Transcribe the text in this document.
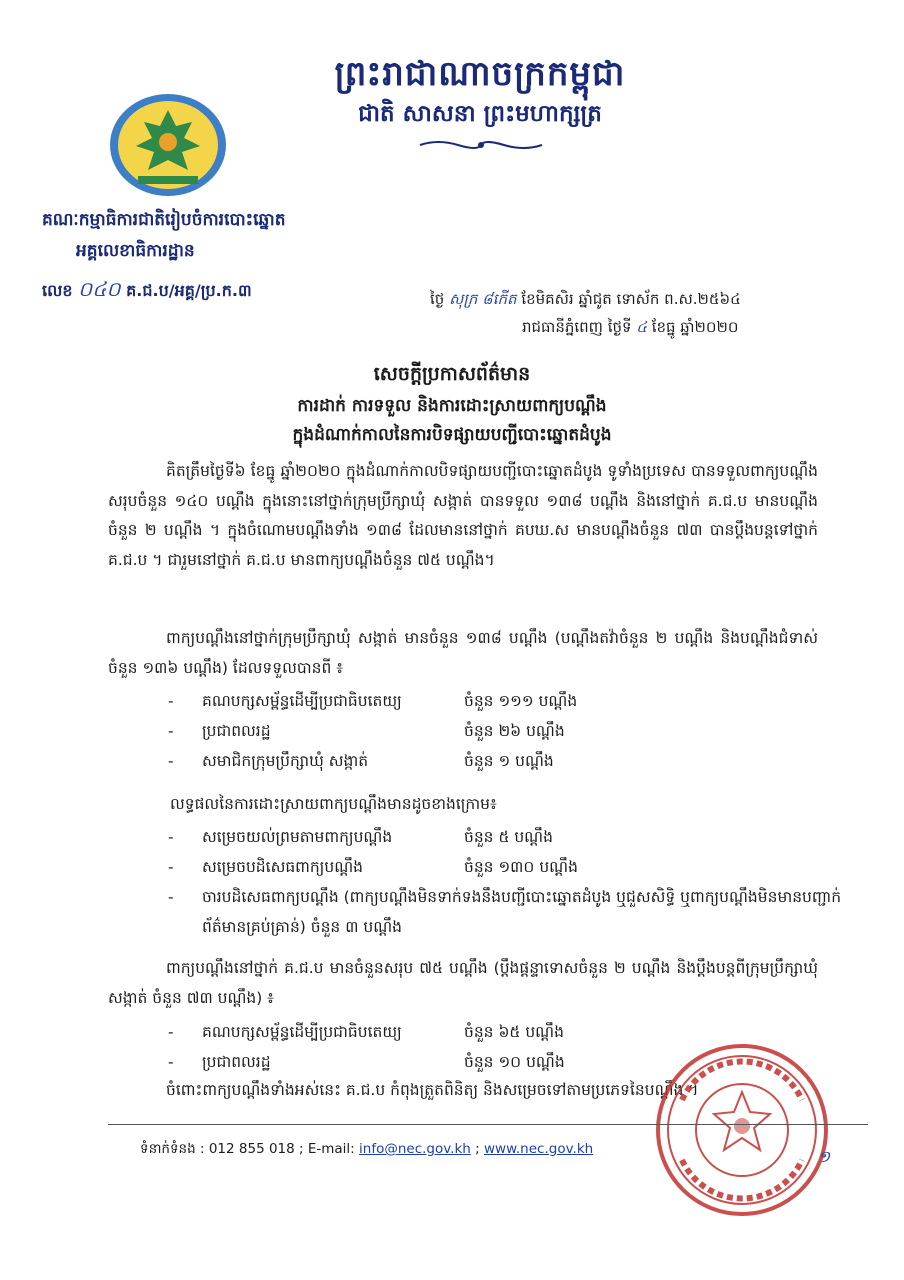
ព្រះរាជាណាចក្រកម្ពុជា
ជាតិ សាសនា ព្រះមហាក្សត្រ
គណៈកម្មាធិការជាតិរៀបចំការបោះឆ្នោត
អគ្គលេខាធិការដ្ឋាន
លេខ ០៤០ គ.ជ.ប/អគ្គ/ប្រ.ក.៣	ថ្ងៃ សុក្រ ៨កើត ខែមិគសិរ ឆ្នាំជូត ទោស័ក ព.ស.២៥៦៤
រាជធានីភ្នំពេញ ថ្ងៃទី ៤ ខែធ្នូ ឆ្នាំ២០២០
សេចក្តីប្រកាសព័ត៌មាន
ការដាក់ ការទទួល និងការដោះស្រាយពាក្យបណ្តឹង
ក្នុងដំណាក់កាលនៃការបិទផ្សាយបញ្ជីបោះឆ្នោតដំបូង
គិតត្រឹមថ្ងៃទី៦ ខែធ្នូ ឆ្នាំ២០២០ ក្នុងដំណាក់កាលបិទផ្សាយបញ្ជីបោះឆ្នោតដំបូង ទូទាំងប្រទេស បានទទួលពាក្យបណ្តឹងសរុបចំនួន ១៤០ បណ្តឹង ក្នុងនោះនៅថ្នាក់ក្រុមប្រឹក្សាឃុំ សង្កាត់ បានទទួល ១៣៨ បណ្តឹង និងនៅថ្នាក់ គ.ជ.ប មានបណ្តឹងចំនួន ២ បណ្តឹង ។ ក្នុងចំណោមបណ្តឹងទាំង ១៣៨ ដែលមាននៅថ្នាក់ គបឃ.ស មានបណ្តឹងចំនួន ៧៣ បានប្តឹងបន្តទៅថ្នាក់ គ.ជ.ប ។ ជារួមនៅថ្នាក់ គ.ជ.ប មានពាក្យបណ្តឹងចំនួន ៧៥ បណ្តឹង។
ពាក្យបណ្តឹងនៅថ្នាក់ក្រុមប្រឹក្សាឃុំ សង្កាត់ មានចំនួន ១៣៨ បណ្តឹង (បណ្តឹងតវ៉ាចំនួន ២ បណ្តឹង និងបណ្តឹងជំទាស់ចំនួន ១៣៦ បណ្តឹង) ដែលទទួលបានពី ៖
-	គណបក្សសម្ព័ន្ធដើម្បីប្រជាធិបតេយ្យ	ចំនួន ១១១ បណ្តឹង
-	ប្រជាពលរដ្ឋ	ចំនួន ២៦ បណ្តឹង
-	សមាជិកក្រុមប្រឹក្សាឃុំ សង្កាត់	ចំនួន ១ បណ្តឹង
លទ្ធផលនៃការដោះស្រាយពាក្យបណ្តឹងមានដូចខាងក្រោម៖
-	សម្រេចយល់ព្រមតាមពាក្យបណ្តឹង	ចំនួន ៥ បណ្តឹង
-	សម្រេចបដិសេធពាក្យបណ្តឹង	ចំនួន ១៣០ បណ្តឹង
-	ចារបដិសេធពាក្យបណ្តឹង (ពាក្យបណ្តឹងមិនទាក់ទងនឹងបញ្ជីបោះឆ្នោតដំបូង ឬជួសសិទ្ធិ ឬពាក្យបណ្តឹងមិនមានបញ្ជាក់ព័ត៌មានគ្រប់គ្រាន់) ចំនួន ៣ បណ្តឹង
ពាក្យបណ្តឹងនៅថ្នាក់ គ.ជ.ប មានចំនួនសរុប ៧៥ បណ្តឹង (ប្តឹងផ្តន្ទាទោសចំនួន ២ បណ្តឹង និងប្តឹងបន្តពីក្រុមប្រឹក្សាឃុំ សង្កាត់ ចំនួន ៧៣ បណ្តឹង) ៖
-	គណបក្សសម្ព័ន្ធដើម្បីប្រជាធិបតេយ្យ	ចំនួន ៦៥ បណ្តឹង
-	ប្រជាពលរដ្ឋ	ចំនួន ១០ បណ្តឹង
ចំពោះពាក្យបណ្តឹងទាំងអស់នេះ គ.ជ.ប កំពុងត្រួតពិនិត្យ និងសម្រេចទៅតាមប្រភេទនៃបណ្តឹង ។
ទំនាក់ទំនង : 012 855 018 ; E-mail: info@nec.gov.kh ; www.nec.gov.kh	១
